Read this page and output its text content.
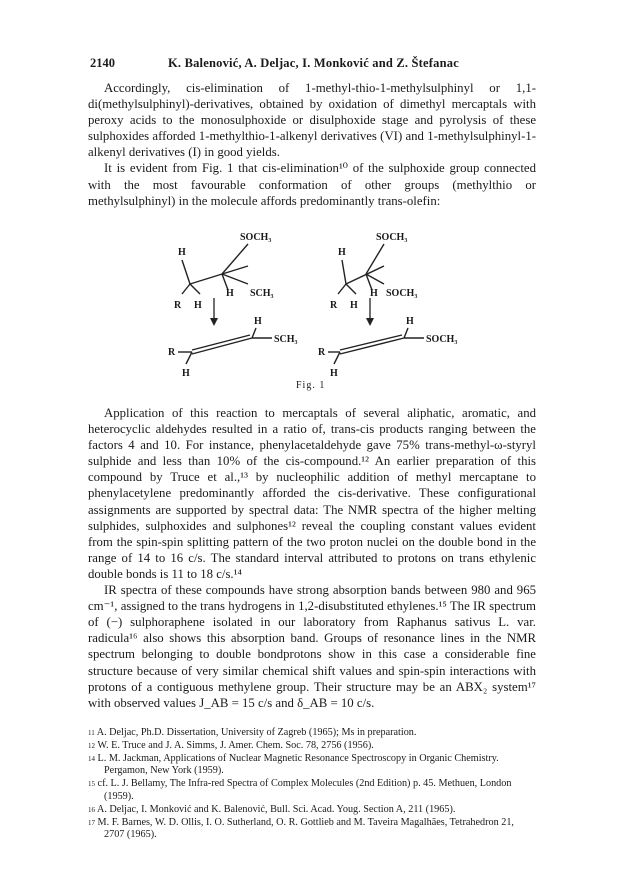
2140	K. Balenović, A. Deljac, I. Monković and Z. Štefanac

Accordingly, cis-elimination of 1-methyl-thio-1-methylsulphinyl or 1,1-di(methylsulphinyl)-derivatives, obtained by oxidation of dimethyl mercaptals with peroxy acids to the monosulphoxide or disulphoxide stage and pyrolysis of these sulphoxides afforded 1-methylthio-1-alkenyl derivatives (VI) and 1-methylsulphinyl-1-alkenyl derivatives (I) in good yields.

It is evident from Fig. 1 that cis-elimination¹⁰ of the sulphoxide group connected with the most favourable conformation of other groups (methylthio or methylsulphinyl) in the molecule affords predominantly trans-olefin:

SOCH₃
H
H SCH₃
R H
H
SCH₃
R
H
SOCH₃
H
H SOCH₃
R H
H
SOCH₃
R
H
Fig. 1

Application of this reaction to mercaptals of several aliphatic, aromatic, and heterocyclic aldehydes resulted in a ratio of, trans-cis products ranging between the factors 4 and 10. For instance, phenylacetaldehyde gave 75% trans-methyl-ω-styryl sulphide and less than 10% of the cis-compound.¹² An earlier preparation of this compound by Truce et al.,¹³ by nucleophilic addition of methyl mercaptane to phenylacetylene predominantly afforded the cis-derivative. These configurational assignments are supported by spectral data: The NMR spectra of the higher melting sulphides, sulphoxides and sulphones¹² reveal the coupling constant values evident from the spin-spin splitting pattern of the two proton nuclei on the double bond in the range of 14 to 16 c/s. The standard interval attributed to protons on trans ethylenic double bonds is 11 to 18 c/s.¹⁴

IR spectra of these compounds have strong absorption bands between 980 and 965 cm⁻¹, assigned to the trans hydrogens in 1,2-disubstituted ethylenes.¹⁵ The IR spectrum of (−) sulphoraphene isolated in our laboratory from Raphanus sativus L. var. radicula¹⁶ also shows this absorption band. Groups of resonance lines in the NMR spectrum belonging to double bondprotons show in this case a considerable fine structure because of very similar chemical shift values and spin-spin interactions with protons of a contiguous methylene group. Their structure may be an ABX₂ system¹⁷ with observed values J_AB = 15 c/s and δ_AB = 10 c/s.

$^{11}$ A. Deljac, Ph.D. Dissertation, University of Zagreb (1965); Ms in preparation.
$^{12}$ W. E. Truce and J. A. Simms, J. Amer. Chem. Soc. 78, 2756 (1956).
$^{14}$ L. M. Jackman, Applications of Nuclear Magnetic Resonance Spectroscopy in Organic Chemistry. Pergamon, New York (1959).
$^{15}$ cf. L. J. Bellamy, The Infra-red Spectra of Complex Molecules (2nd Edition) p. 45. Methuen, London (1959).
$^{16}$ A. Deljac, I. Monković and K. Balenović, Bull. Sci. Acad. Youg. Section A, 211 (1965).
$^{17}$ M. F. Barnes, W. D. Ollis, I. O. Sutherland, O. R. Gottlieb and M. Taveira Magalhães, Tetrahedron 21, 2707 (1965).
